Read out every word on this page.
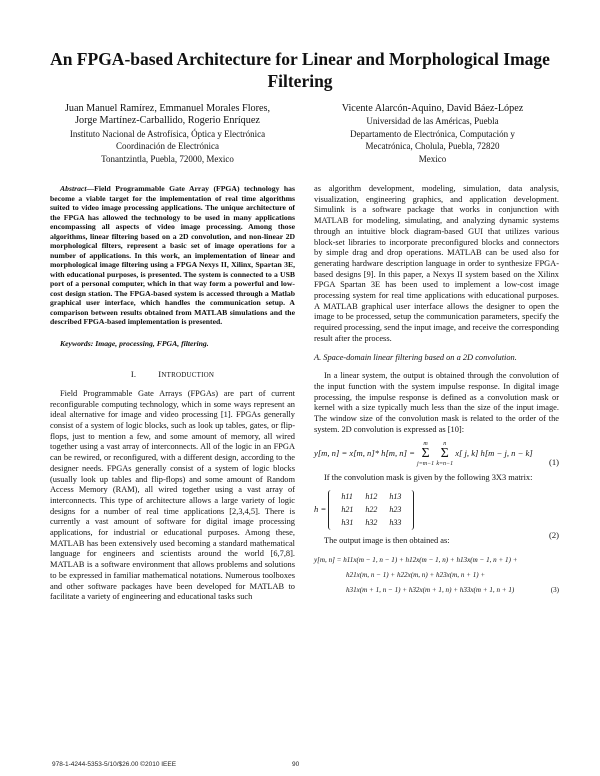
An FPGA-based Architecture for Linear and Morphological Image Filtering
Juan Manuel Ramírez, Emmanuel Morales Flores,
Jorge Martínez-Carballido, Rogerio Enríquez
Instituto Nacional de Astrofísica, Óptica y Electrónica
Coordinación de Electrónica
Tonantzintla, Puebla, 72000, Mexico
Vicente Alarcón-Aquino, David Báez-López
Universidad de las Américas, Puebla
Departamento de Electrónica, Computación y
Mecatrónica, Cholula, Puebla, 72820
Mexico

Abstract—Field Programmable Gate Array (FPGA) technology has become a viable target for the implementation of real time algorithms suited to video image processing applications. The unique architecture of the FPGA has allowed the technology to be used in many applications encompassing all aspects of video image processing. Among those algorithms, linear filtering based on a 2D convolution, and non-linear 2D morphological filters, represent a basic set of image operations for a number of applications. In this work, an implementation of linear and morphological image filtering using a FPGA Nexys II, Xilinx, Spartan 3E, with educational purposes, is presented. The system is connected to a USB port of a personal computer, which in that way form a powerful and low-cost design station. The FPGA-based system is accessed through a Matlab graphical user interface, which handles the communication setup. A comparison between results obtained from MATLAB simulations and the described FPGA-based implementation is presented.

Keywords: Image, processing, FPGA, filtering.

I.	INTRODUCTION

Field Programmable Gate Arrays (FPGAs) are part of current reconfigurable computing technology, which in some ways represent an ideal alternative for image and video processing [1]. FPGAs generally consist of a system of logic blocks, such as look up tables, gates, or flip-flops, just to mention a few, and some amount of memory, all wired together using a vast array of interconnects. All of the logic in an FPGA can be rewired, or reconfigured, with a different design, according to the designer needs. FPGAs generally consist of a system of logic blocks (usually look up tables and flip-flops) and some amount of Random Access Memory (RAM), all wired together using a vast array of interconnects. This type of architecture allows a large variety of logic designs for a number of real time applications [2,3,4,5]. There is currently a vast amount of software for digital image processing applications, for industrial or educational purposes. Among these, MATLAB has been extensively used becoming a standard mathematical language for engineers and scientists around the world [6,7,8]. MATLAB is a software environment that allows problems and solutions to be expressed in familiar mathematical notations. Numerous toolboxes and other software packages have been developed for MATLAB to facilitate a variety of engineering and educational tasks such

as algorithm development, modeling, simulation, data analysis, visualization, engineering graphics, and application development. Simulink is a software package that works in conjunction with MATLAB for modeling, simulating, and analyzing dynamic systems through an intuitive block diagram-based GUI that utilizes various block-set libraries to incorporate preconfigured blocks and connectors by simple drag and drop operations. MATLAB can be used also for generating hardware description language in order to synthesize FPGA-based designs [9]. In this paper, a Nexys II system based on the Xilinx FPGA Spartan 3E has been used to implement a low-cost image processing system for real time applications with educational purposes. A MATLAB graphical user interface allows the designer to open the image to be processed, setup the communication parameters, specify the required processing, send the input image, and receive the corresponding result after the process.

A. Space-domain linear filtering based on a 2D convolution.

In a linear system, the output is obtained through the convolution of the input function with the system impulse response. In digital image processing, the impulse response is defined as a convolution mask or kernel with a size typically much less than the size of the input image. The window size of the convolution mask is related to the order of the system. 2D convolution is expressed as [10]:

y[m, n] = x[m, n]* h[m, n] = m
Σ
j=m−1 n
Σ
k=n−1 x[ j, k] h[m − j, n − k]
(1)

If the convolution mask is given by the following 3X3 matrix:

h =
h11	h12	h13
h21	h22	h23
h31	h32	h33
(2)

The output image is then obtained as:

y[m, n] = h11x(m − 1, n − 1) + h12x(m − 1, n) + h13x(m − 1, n + 1) +
h21x(m, n − 1) + h22x(m, n) + h23x(m, n + 1) +
h31x(m + 1, n − 1) + h32x(m + 1, n) + h33x(m + 1, n + 1)	(3)
978-1-4244-5353-5/10/$26.00 ©2010 IEEE	90
